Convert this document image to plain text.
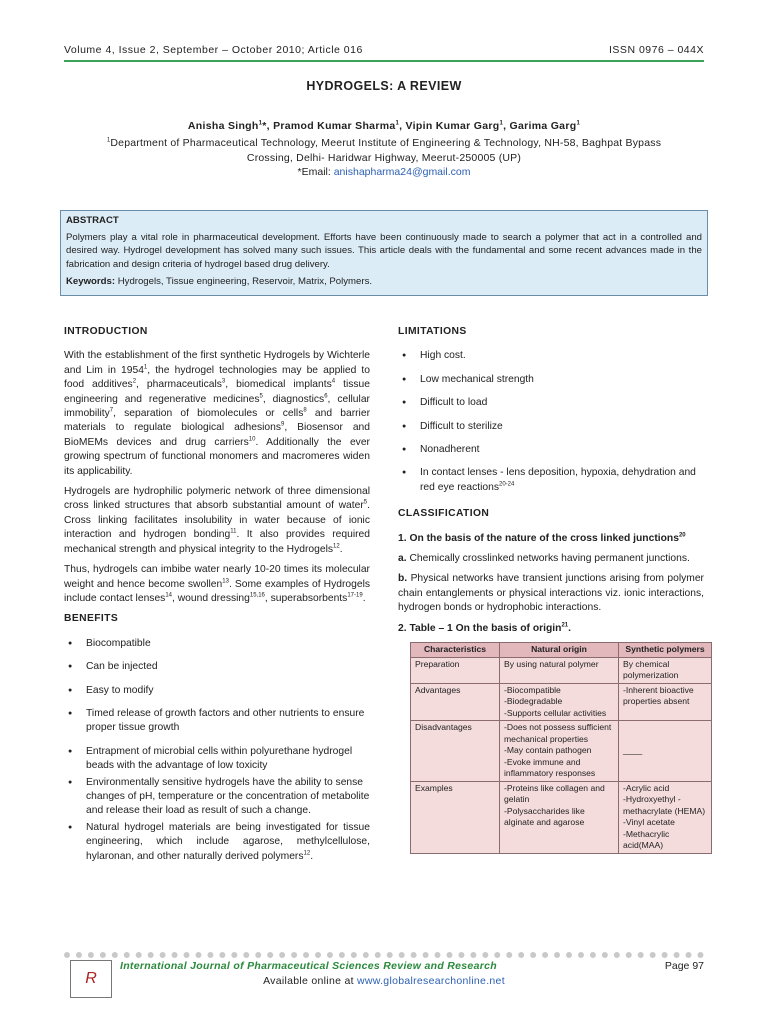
Volume 4, Issue 2, September – October 2010; Article 016	ISSN 0976 – 044X
HYDROGELS: A REVIEW
Anisha Singh$^1$*, Pramod Kumar Sharma$^1$, Vipin Kumar Garg$^1$, Garima Garg$^1$
$^1$Department of Pharmaceutical Technology, Meerut Institute of Engineering & Technology, NH-58, Baghpat Bypass
Crossing, Delhi- Haridwar Highway, Meerut-250005 (UP)
*Email: anishapharma24@gmail.com
ABSTRACT
Polymers play a vital role in pharmaceutical development. Efforts have been continuously made to search a polymer that act in a controlled and desired way. Hydrogel development has solved many such issues. This article deals with the fundamental and some recent advances made in the fabrication and design criteria of hydrogel based drug delivery.
Keywords: Hydrogels, Tissue engineering, Reservoir, Matrix, Polymers.
INTRODUCTION

With the establishment of the first synthetic Hydrogels by Wichterle and Lim in 1954$^1$, the hydrogel technologies may be applied to food additives$^2$, pharmaceuticals$^3$, biomedical implants$^4$ tissue engineering and regenerative medicines$^5$, diagnostics$^6$, cellular immobility$^7$, separation of biomolecules or cells$^8$ and barrier materials to regulate biological adhesions$^9$, Biosensor and BioMEMs devices and drug carriers$^{10}$. Additionally the ever growing spectrum of functional monomers and macromeres widen its applicability.

Hydrogels are hydrophilic polymeric network of three dimensional cross linked structures that absorb substantial amount of water$^5$. Cross linking facilitates insolubility in water because of ionic interaction and hydrogen bonding$^{11}$. It also provides required mechanical strength and physical integrity to the Hydrogels$^{12}$.

Thus, hydrogels can imbibe water nearly 10-20 times its molecular weight and hence become swollen$^{13}$. Some examples of Hydrogels include contact lenses$^{14}$, wound dressing$^{15,16}$, superabsorbents$^{17-19}$.

BENEFITS
● Biocompatible
● Can be injected
● Easy to modify
● Timed release of growth factors and other nutrients to ensure proper tissue growth
● Entrapment of microbial cells within polyurethane hydrogel beads with the advantage of low toxicity
● Environmentally sensitive hydrogels have the ability to sense changes of pH, temperature or the concentration of metabolite and release their load as result of such a change.
● Natural hydrogel materials are being investigated for tissue engineering, which include agarose, methylcellulose, hylaronan, and other naturally derived polymers$^{12}$.
LIMITATIONS
● High cost.
● Low mechanical strength
● Difficult to load
● Difficult to sterilize
● Nonadherent
● In contact lenses - lens deposition, hypoxia, dehydration and red eye reactions$^{20-24}$
CLASSIFICATION

1. On the basis of the nature of the cross linked junctions$^{20}$

a. Chemically crosslinked networks having permanent junctions.

b. Physical networks have transient junctions arising from polymer chain entanglements or physical interactions viz. ionic interactions, hydrogen bonds or hydrophobic interactions.

2. Table – 1 On the basis of origin$^{21}$.

Characteristics	Natural origin	Synthetic polymers
Preparation	By using natural polymer	By chemical polymerization
Advantages	-Biocompatible
-Biodegradable
-Supports cellular activities	-Inherent bioactive properties absent
Disadvantages	-Does not possess sufficient mechanical properties
-May contain pathogen
-Evoke immune and inflammatory responses	____
Examples	-Proteins like collagen and gelatin
-Polysaccharides like alginate and agarose	-Acrylic acid
-Hydroxyethyl - methacrylate (HEMA)
-Vinyl acetate
-Methacrylic acid(MAA)
R
International Journal of Pharmaceutical Sciences Review and Research	Page 97
Available online at www.globalresearchonline.net
